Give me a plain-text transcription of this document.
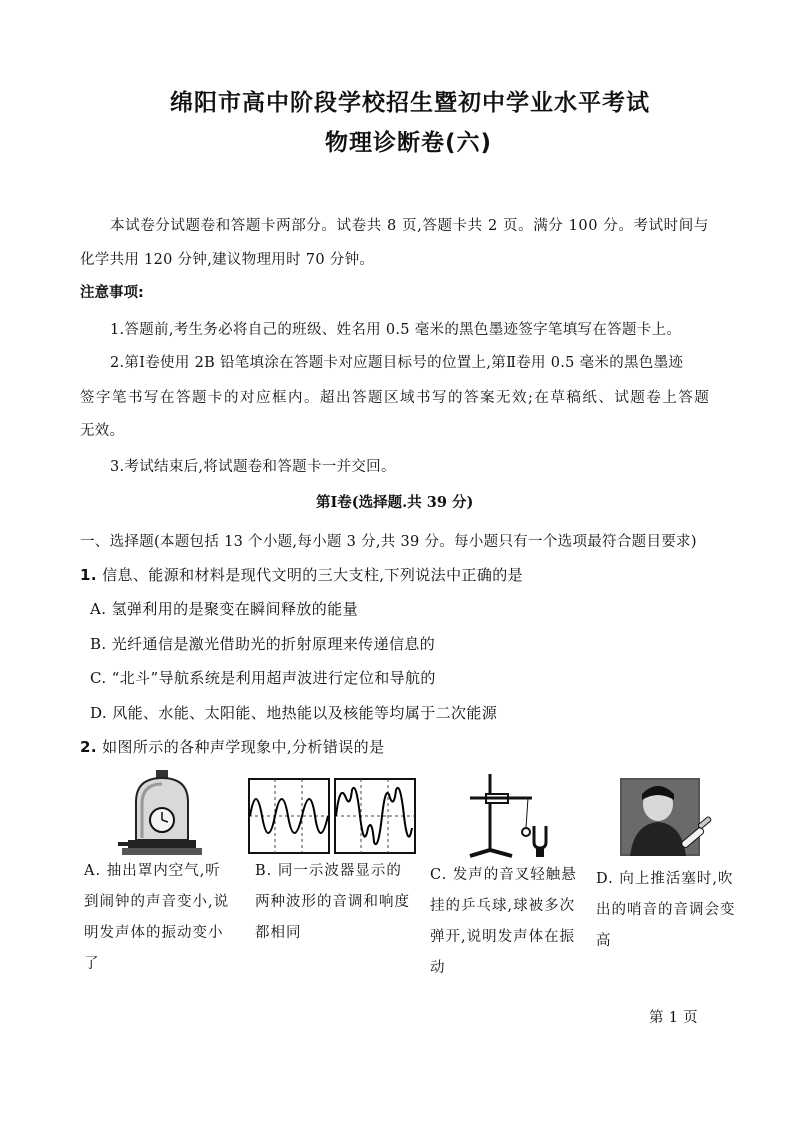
绵阳市高中阶段学校招生暨初中学业水平考试
物理诊断卷(六)
本试卷分试题卷和答题卡两部分。试卷共 8 页,答题卡共 2 页。满分 100 分。考试时间与
化学共用 120 分钟,建议物理用时 70 分钟。
注意事项:
1.答题前,考生务必将自己的班级、姓名用 0.5 毫米的黑色墨迹签字笔填写在答题卡上。
2.第Ⅰ卷使用 2B 铅笔填涂在答题卡对应题目标号的位置上,第Ⅱ卷用 0.5 毫米的黑色墨迹
签字笔书写在答题卡的对应框内。超出答题区域书写的答案无效;在草稿纸、试题卷上答题
无效。
3.考试结束后,将试题卷和答题卡一并交回。
第Ⅰ卷(选择题.共 39 分)
一、选择题(本题包括 13 个小题,每小题 3 分,共 39 分。每小题只有一个选项最符合题目要求)
1. 信息、能源和材料是现代文明的三大支柱,下列说法中正确的是
A. 氢弹利用的是聚变在瞬间释放的能量
B. 光纤通信是激光借助光的折射原理来传递信息的
C. “北斗”导航系统是利用超声波进行定位和导航的
D. 风能、水能、太阳能、地热能以及核能等均属于二次能源
2. 如图所示的各种声学现象中,分析错误的是
A. 抽出罩内空气,听到闹钟的声音变小,说明发声体的振动变小了
B. 同一示波器显示的两种波形的音调和响度都相同
C. 发声的音叉轻触悬挂的乒乓球,球被多次弹开,说明发声体在振动
D. 向上推活塞时,吹出的哨音的音调会变高
第 1 页
